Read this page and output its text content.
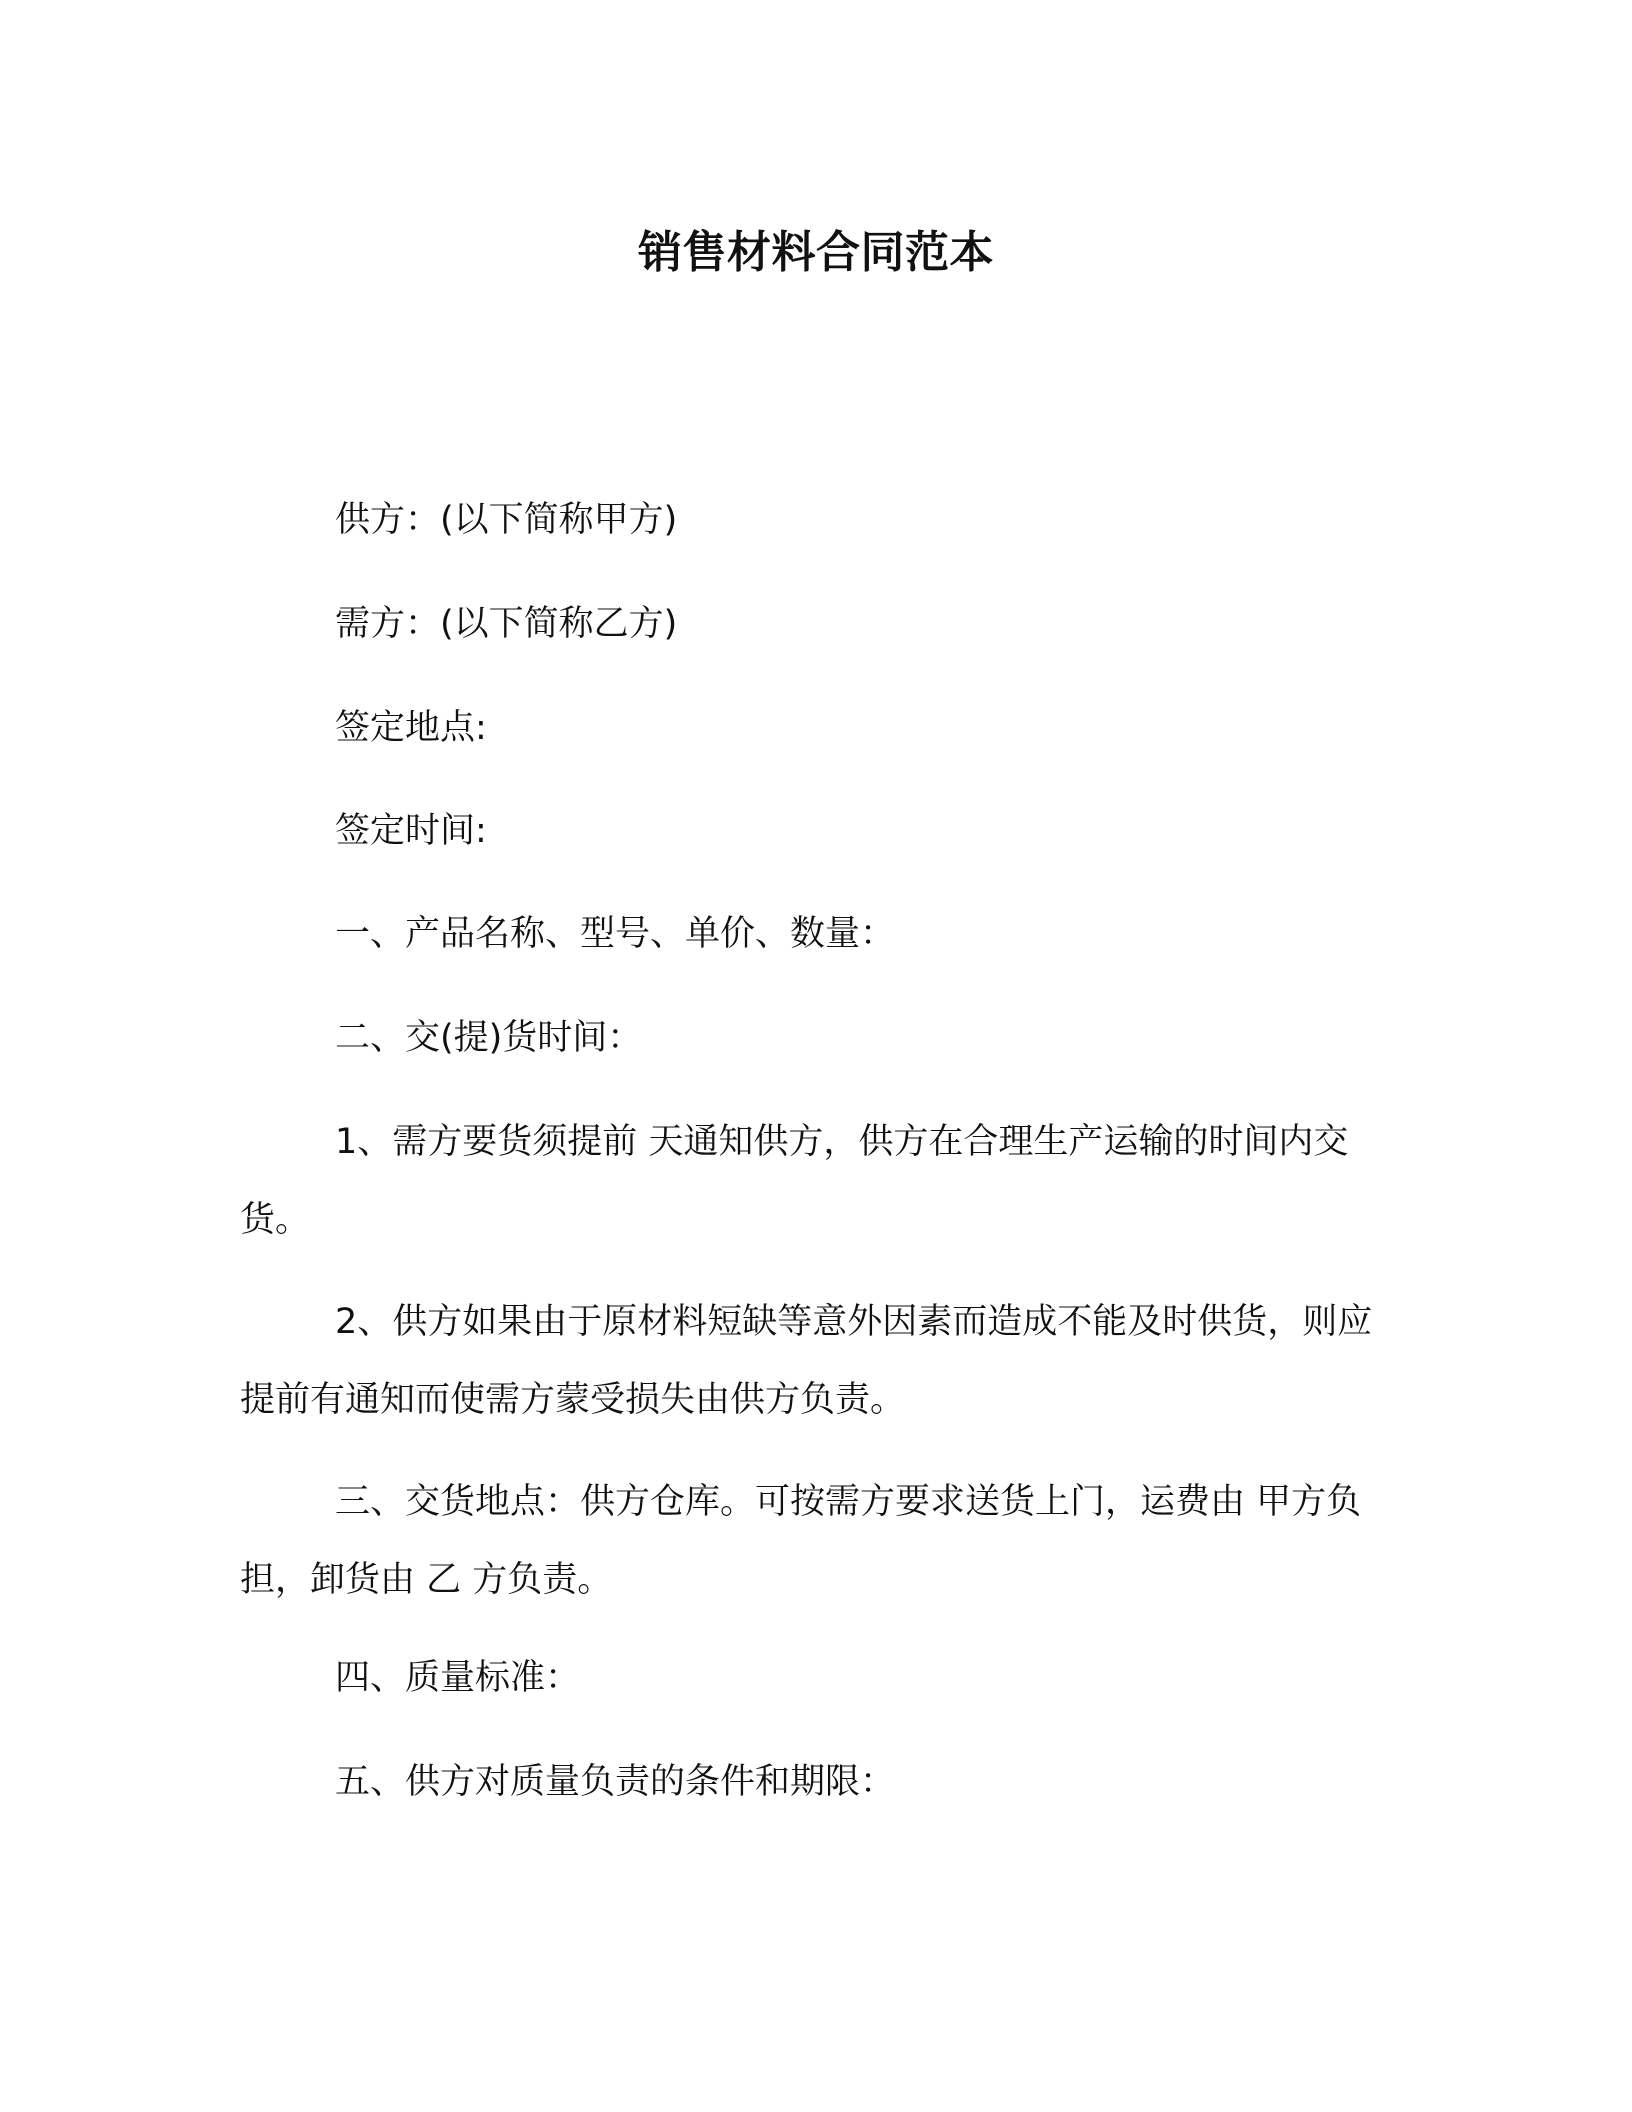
销售材料合同范本
供方：(以下简称甲方)
需方：(以下简称乙方)
签定地点:
签定时间:
一、产品名称、型号、单价、数量：
二、交(提)货时间：

1、需方要货须提前 天通知供方，供方在合理生产运输的时间内交货。

2、供方如果由于原材料短缺等意外因素而造成不能及时供货，则应提前有通知而使需方蒙受损失由供方负责。

三、交货地点：供方仓库。可按需方要求送货上门，运费由 甲方负担，卸货由 乙 方负责。

四、质量标准：
五、供方对质量负责的条件和期限：
